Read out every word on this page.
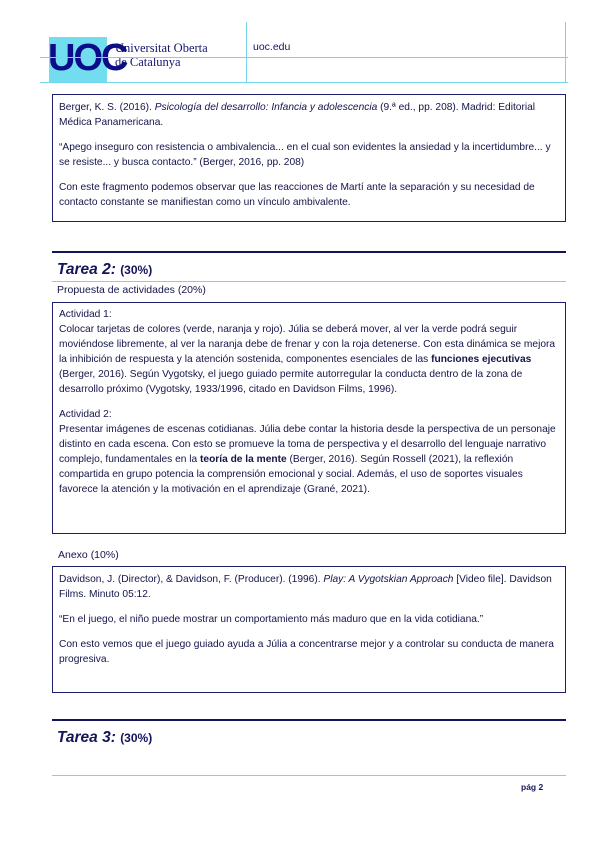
UOC
Universitat Oberta
de Catalunya
uoc.edu

Berger, K. S. (2016). Psicología del desarrollo: Infancia y adolescencia (9.ª ed., pp. 208). Madrid: Editorial Médica Panamericana.

“Apego inseguro con resistencia o ambivalencia... en el cual son evidentes la ansiedad y la incertidumbre... y se resiste... y busca contacto.” (Berger, 2016, pp. 208)

Con este fragmento podemos observar que las reacciones de Martí ante la separación y su necesidad de contacto constante se manifiestan como un vínculo ambivalente.

Tarea 2: (30%)
Propuesta de actividades (20%)

Actividad 1:

Colocar tarjetas de colores (verde, naranja y rojo). Júlia se deberá mover, al ver la verde podrá seguir moviéndose libremente, al ver la naranja debe de frenar y con la roja detenerse. Con esta dinámica se mejora la inhibición de respuesta y la atención sostenida, componentes esenciales de las funciones ejecutivas (Berger, 2016). Según Vygotsky, el juego guiado permite autorregular la conducta dentro de la zona de desarrollo próximo (Vygotsky, 1933/1996, citado en Davidson Films, 1996).

Actividad 2:

Presentar imágenes de escenas cotidianas. Júlia debe contar la historia desde la perspectiva de un personaje distinto en cada escena. Con esto se promueve la toma de perspectiva y el desarrollo del lenguaje narrativo complejo, fundamentales en la teoría de la mente (Berger, 2016). Según Rossell (2021), la reflexión compartida en grupo potencia la comprensión emocional y social. Además, el uso de soportes visuales favorece la atención y la motivación en el aprendizaje (Grané, 2021).

Anexo (10%)

Davidson, J. (Director), & Davidson, F. (Producer). (1996). Play: A Vygotskian Approach [Video file]. Davidson Films. Minuto 05:12.

“En el juego, el niño puede mostrar un comportamiento más maduro que en la vida cotidiana.”

Con esto vemos que el juego guiado ayuda a Júlia a concentrarse mejor y a controlar su conducta de manera progresiva.

Tarea 3: (30%)
pág 2
